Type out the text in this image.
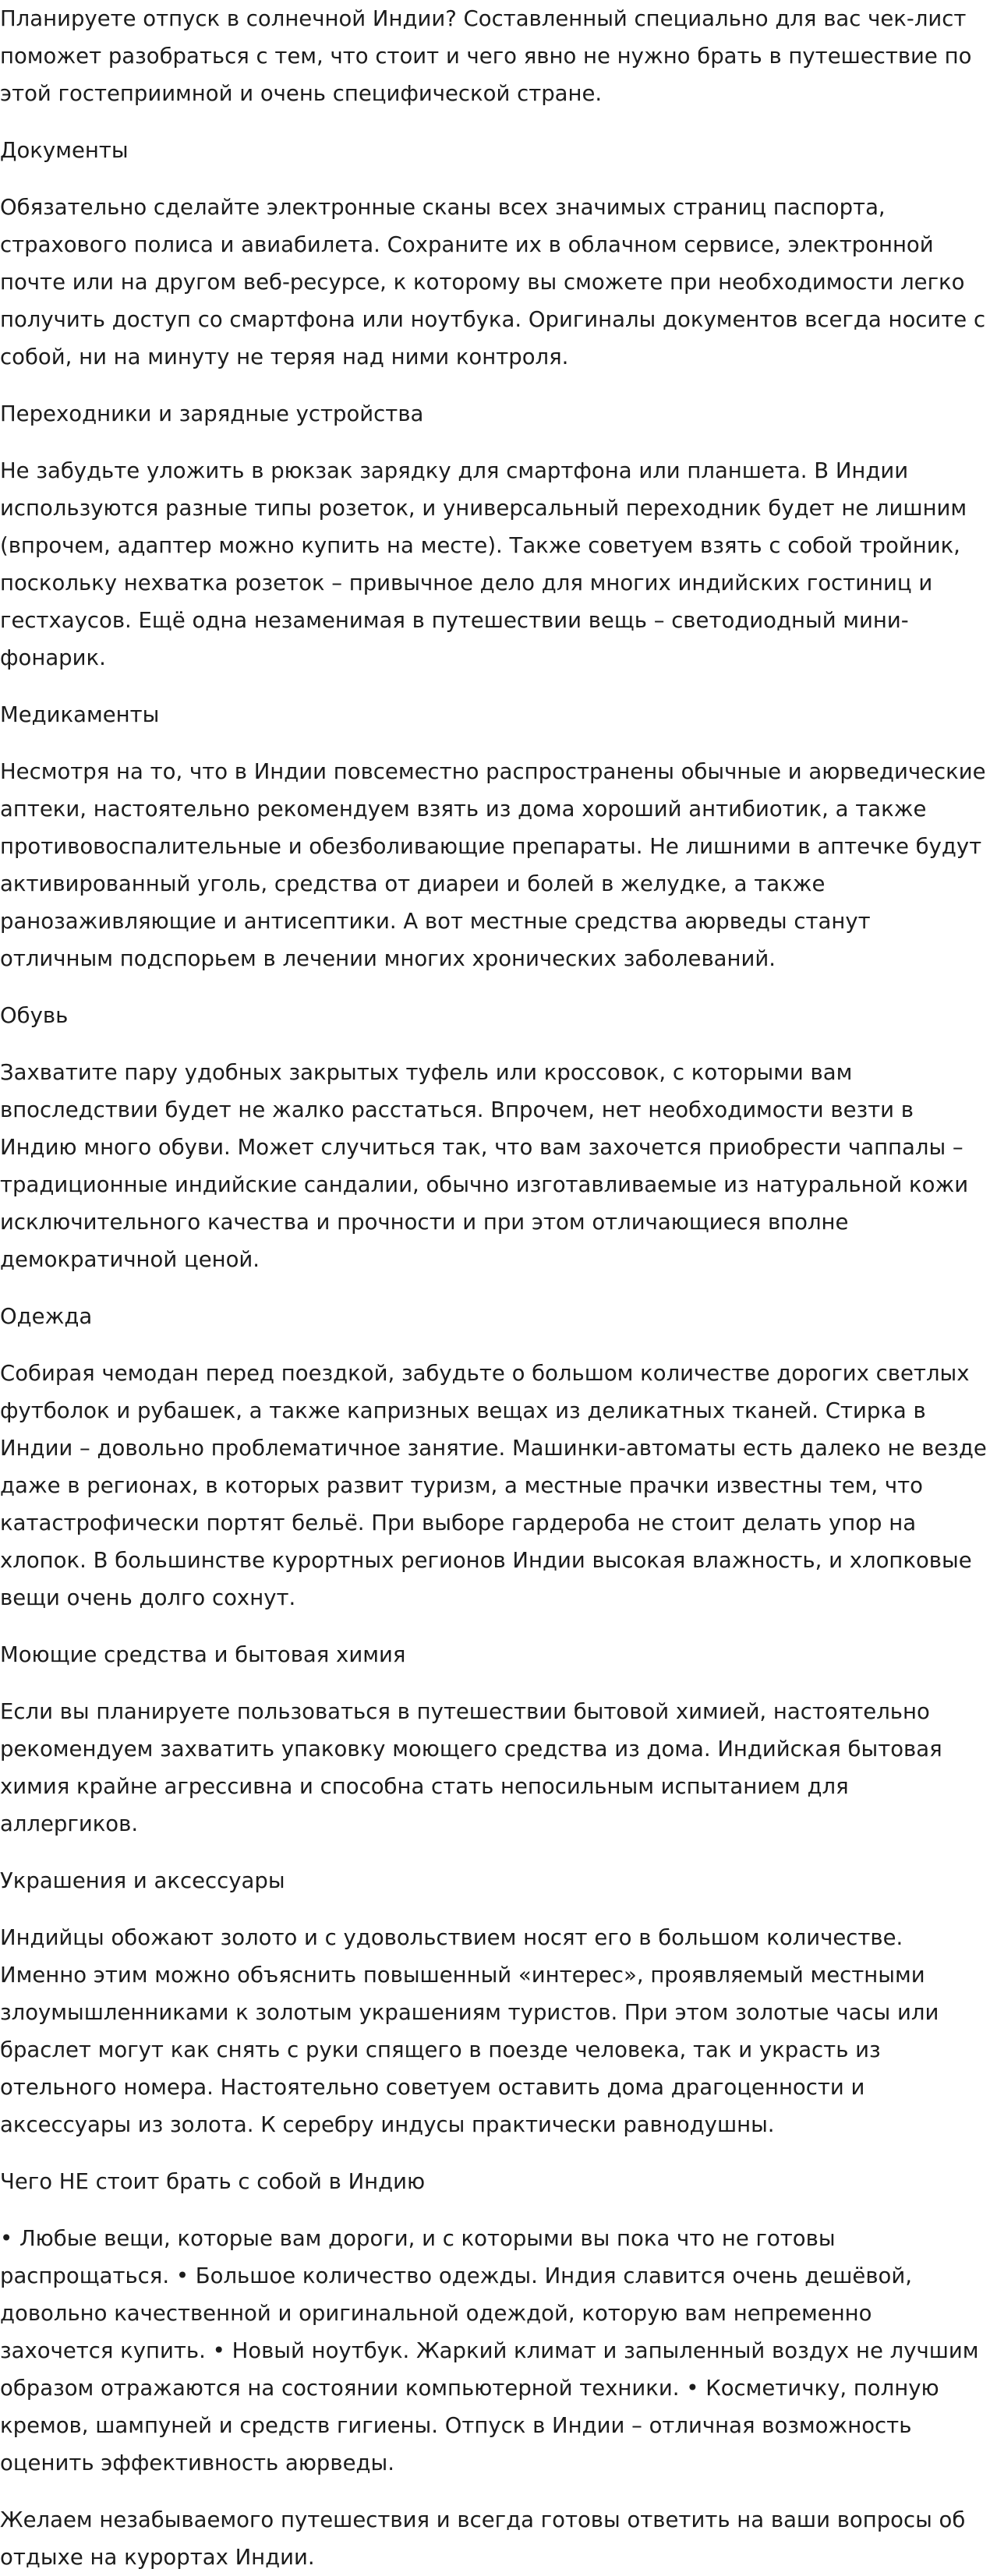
Планируете отпуск в солнечной Индии? Составленный специально для вас чек-лист поможет разобраться с тем, что стоит и чего явно не нужно брать в путешествие по этой гостеприимной и очень специфической стране.

Документы

Обязательно сделайте электронные сканы всех значимых страниц паспорта, страхового полиса и авиабилета. Сохраните их в облачном сервисе, электронной почте или на другом веб-ресурсе, к которому вы сможете при необходимости легко получить доступ со смартфона или ноутбука. Оригиналы документов всегда носите с собой, ни на минуту не теряя над ними контроля.

Переходники и зарядные устройства

Не забудьте уложить в рюкзак зарядку для смартфона или планшета. В Индии используются разные типы розеток, и универсальный переходник будет не лишним (впрочем, адаптер можно купить на месте). Также советуем взять с собой тройник, поскольку нехватка розеток – привычное дело для многих индийских гостиниц и гестхаусов. Ещё одна незаменимая в путешествии вещь – светодиодный мини-фонарик.

Медикаменты

Несмотря на то, что в Индии повсеместно распространены обычные и аюрведические аптеки, настоятельно рекомендуем взять из дома хороший антибиотик, а также противовоспалительные и обезболивающие препараты. Не лишними в аптечке будут активированный уголь, средства от диареи и болей в желудке, а также ранозаживляющие и антисептики. А вот местные средства аюрведы станут отличным подспорьем в лечении многих хронических заболеваний.

Обувь

Захватите пару удобных закрытых туфель или кроссовок, с которыми вам впоследствии будет не жалко расстаться. Впрочем, нет необходимости везти в Индию много обуви. Может случиться так, что вам захочется приобрести чаппалы – традиционные индийские сандалии, обычно изготавливаемые из натуральной кожи исключительного качества и прочности и при этом отличающиеся вполне демократичной ценой.

Одежда

Собирая чемодан перед поездкой, забудьте о большом количестве дорогих светлых футболок и рубашек, а также капризных вещах из деликатных тканей. Стирка в Индии – довольно проблематичное занятие. Машинки-автоматы есть далеко не везде даже в регионах, в которых развит туризм, а местные прачки известны тем, что катастрофически портят бельё. При выборе гардероба не стоит делать упор на хлопок. В большинстве курортных регионов Индии высокая влажность, и хлопковые вещи очень долго сохнут.

Моющие средства и бытовая химия

Если вы планируете пользоваться в путешествии бытовой химией, настоятельно рекомендуем захватить упаковку моющего средства из дома. Индийская бытовая химия крайне агрессивна и способна стать непосильным испытанием для аллергиков.

Украшения и аксессуары

Индийцы обожают золото и с удовольствием носят его в большом количестве. Именно этим можно объяснить повышенный «интерес», проявляемый местными злоумышленниками к золотым украшениям туристов. При этом золотые часы или браслет могут как снять с руки спящего в поезде человека, так и украсть из отельного номера. Настоятельно советуем оставить дома драгоценности и аксессуары из золота. К серебру индусы практически равнодушны.

Чего НЕ стоит брать с собой в Индию

• Любые вещи, которые вам дороги, и с которыми вы пока что не готовы распрощаться. • Большое количество одежды. Индия славится очень дешёвой, довольно качественной и оригинальной одеждой, которую вам непременно захочется купить. • Новый ноутбук. Жаркий климат и запыленный воздух не лучшим образом отражаются на состоянии компьютерной техники. • Косметичку, полную кремов, шампуней и средств гигиены. Отпуск в Индии – отличная возможность оценить эффективность аюрведы.

Желаем незабываемого путешествия и всегда готовы ответить на ваши вопросы об отдыхе на курортах Индии.
